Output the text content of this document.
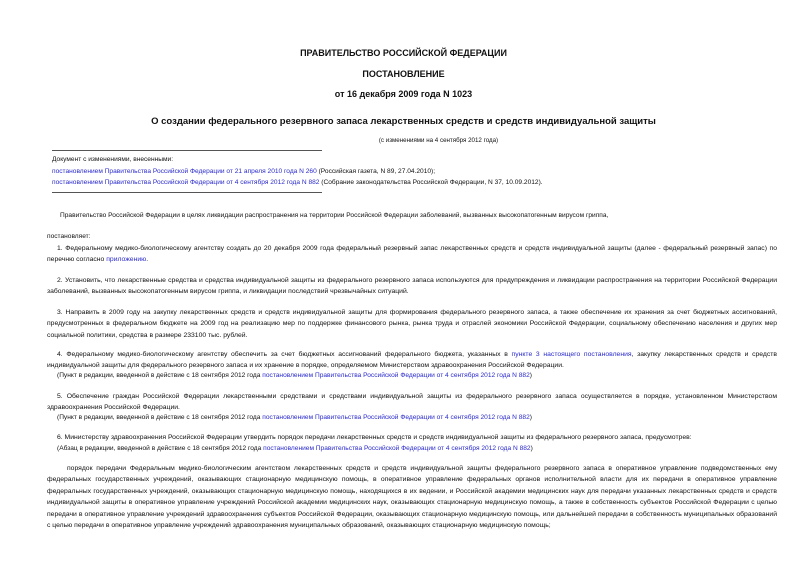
ПРАВИТЕЛЬСТВО РОССИЙСКОЙ ФЕДЕРАЦИИ
ПОСТАНОВЛЕНИЕ
от 16 декабря 2009 года N 1023
О создании федерального резервного запаса лекарственных средств и средств индивидуальной защиты
(с изменениями на 4 сентября 2012 года)
Документ с изменениями, внесенными:
постановлением Правительства Российской Федерации от 21 апреля 2010 года N 260 (Российская газета, N 89, 27.04.2010);
постановлением Правительства Российской Федерации от 4 сентября 2012 года N 882 (Собрание законодательства Российской Федерации, N 37, 10.09.2012).
Правительство Российской Федерации в целях ликвидации распространения на территории Российской Федерации заболеваний, вызванных высокопатогенным вирусом гриппа,
постановляет:
1. Федеральному медико-биологическому агентству создать до 20 декабря 2009 года федеральный резервный запас лекарственных средств и средств индивидуальной защиты (далее - федеральный резервный запас) по перечню согласно приложению.
2. Установить, что лекарственные средства и средства индивидуальной защиты из федерального резервного запаса используются для предупреждения и ликвидации распространения на территории Российской Федерации заболеваний, вызванных высокопатогенным вирусом гриппа, и ликвидации последствий чрезвычайных ситуаций.
3. Направить в 2009 году на закупку лекарственных средств и средств индивидуальной защиты для формирования федерального резервного запаса, а также обеспечение их хранения за счет бюджетных ассигнований, предусмотренных в федеральном бюджете на 2009 год на реализацию мер по поддержке финансового рынка, рынка труда и отраслей экономики Российской Федерации, социальному обеспечению населения и других мер социальной политики, средства в размере 233100 тыс. рублей.
4. Федеральному медико-биологическому агентству обеспечить за счет бюджетных ассигнований федерального бюджета, указанных в пункте 3 настоящего постановления, закупку лекарственных средств и средств индивидуальной защиты для федерального резервного запаса и их хранение в порядке, определяемом Министерством здравоохранения Российской Федерации.
(Пункт в редакции, введенной в действие с 18 сентября 2012 года постановлением Правительства Российской Федерации от 4 сентября 2012 года N 882)
5. Обеспечение граждан Российской Федерации лекарственными средствами и средствами индивидуальной защиты из федерального резервного запаса осуществляется в порядке, установленном Министерством здравоохранения Российской Федерации.
(Пункт в редакции, введенной в действие с 18 сентября 2012 года постановлением Правительства Российской Федерации от 4 сентября 2012 года N 882)
6. Министерству здравоохранения Российской Федерации утвердить порядок передачи лекарственных средств и средств индивидуальной защиты из федерального резервного запаса, предусмотрев:
(Абзац в редакции, введенной в действие с 18 сентября 2012 года постановлением Правительства Российской Федерации от 4 сентября 2012 года N 882)
порядок передачи Федеральным медико-биологическим агентством лекарственных средств и средств индивидуальной защиты федерального резервного запаса в оперативное управление подведомственных ему федеральных государственных учреждений, оказывающих стационарную медицинскую помощь, в оперативное управление федеральных органов исполнительной власти для их передачи в оперативное управление федеральных государственных учреждений, оказывающих стационарную медицинскую помощь, находящихся в их ведении, и Российской академии медицинских наук для передачи указанных лекарственных средств и средств индивидуальной защиты в оперативное управление учреждений Российской академии медицинских наук, оказывающих стационарную медицинскую помощь, а также в собственность субъектов Российской Федерации с целью передачи в оперативное управление учреждений здравоохранения субъектов Российской Федерации, оказывающих стационарную медицинскую помощь, или дальнейшей передачи в собственность муниципальных образований с целью передачи в оперативное управление учреждений здравоохранения муниципальных образований, оказывающих стационарную медицинскую помощь;
